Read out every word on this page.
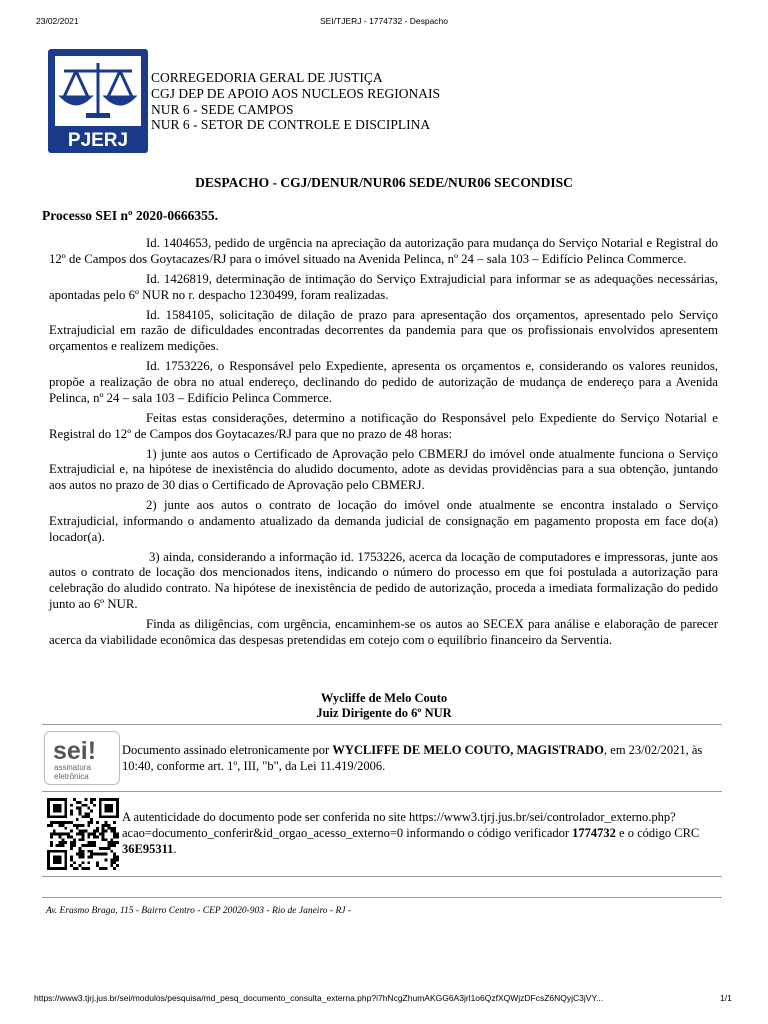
23/02/2021	SEI/TJERJ - 1774732 - Despacho
PJERJ
CORREGEDORIA GERAL DE JUSTIÇA
CGJ DEP DE APOIO AOS NUCLEOS REGIONAIS
NUR 6 - SEDE CAMPOS
NUR 6 - SETOR DE CONTROLE E DISCIPLINA
DESPACHO - CGJ/DENUR/NUR06 SEDE/NUR06 SECONDISC
Processo SEI nº 2020-0666355.

Id. 1404653, pedido de urgência na apreciação da autorização para mudança do Serviço Notarial e Registral do 12º de Campos dos Goytacazes/RJ para o imóvel situado na Avenida Pelinca, nº 24 – sala 103 – Edifício Pelinca Commerce.

Id. 1426819, determinação de intimação do Serviço Extrajudicial para informar se as adequações necessárias, apontadas pelo 6º NUR no r. despacho 1230499, foram realizadas.

Id. 1584105, solicitação de dilação de prazo para apresentação dos orçamentos, apresentado pelo Serviço Extrajudicial em razão de dificuldades encontradas decorrentes da pandemia para que os profissionais envolvidos apresentem orçamentos e realizem medições.

Id. 1753226, o Responsável pelo Expediente, apresenta os orçamentos e, considerando os valores reunidos, propõe a realização de obra no atual endereço, declinando do pedido de autorização de mudança de endereço para a Avenida Pelinca, nº 24 – sala 103 – Edifício Pelinca Commerce.

Feitas estas considerações, determino a notificação do Responsável pelo Expediente do Serviço Notarial e Registral do 12º de Campos dos Goytacazes/RJ para que no prazo de 48 horas:

1) junte aos autos o Certificado de Aprovação pelo CBMERJ do imóvel onde atualmente funciona o Serviço Extrajudicial e, na hipótese de inexistência do aludido documento, adote as devidas providências para a sua obtenção, juntando aos autos no prazo de 30 dias o Certificado de Aprovação pelo CBMERJ.

2) junte aos autos o contrato de locação do imóvel onde atualmente se encontra instalado o Serviço Extrajudicial, informando o andamento atualizado da demanda judicial de consignação em pagamento proposta em face do(a) locador(a).

3) ainda, considerando a informação id. 1753226, acerca da locação de computadores e impressoras, junte aos autos o contrato de locação dos mencionados itens, indicando o número do processo em que foi postulada a autorização para celebração do aludido contrato. Na hipótese de inexistência de pedido de autorização, proceda a imediata formalização do pedido junto ao 6º NUR.

Finda as diligências, com urgência, encaminhem-se os autos ao SECEX para análise e elaboração de parecer acerca da viabilidade econômica das despesas pretendidas em cotejo com o equilíbrio financeiro da Serventia.

Wycliffe de Melo Couto
Juiz Dirigente do 6º NUR
sei!
assinatura
eletrônica
Documento assinado eletronicamente por WYCLIFFE DE MELO COUTO, MAGISTRADO, em 23/02/2021, às 10:40, conforme art. 1º, III, "b", da Lei 11.419/2006.
A autenticidade do documento pode ser conferida no site https://www3.tjrj.jus.br/sei/controlador_externo.php?acao=documento_conferir&id_orgao_acesso_externo=0 informando o código verificador 1774732 e o código CRC 36E95311.
Av. Erasmo Braga, 115 - Bairro Centro - CEP 20020-903 - Rio de Janeiro - RJ -
https://www3.tjrj.jus.br/sei/modulos/pesquisa/md_pesq_documento_consulta_externa.php?i7hNcgZhumAKGG6A3jrl1o6QzfXQWjzDFcsZ6NQyjC3jVY...	1/1
